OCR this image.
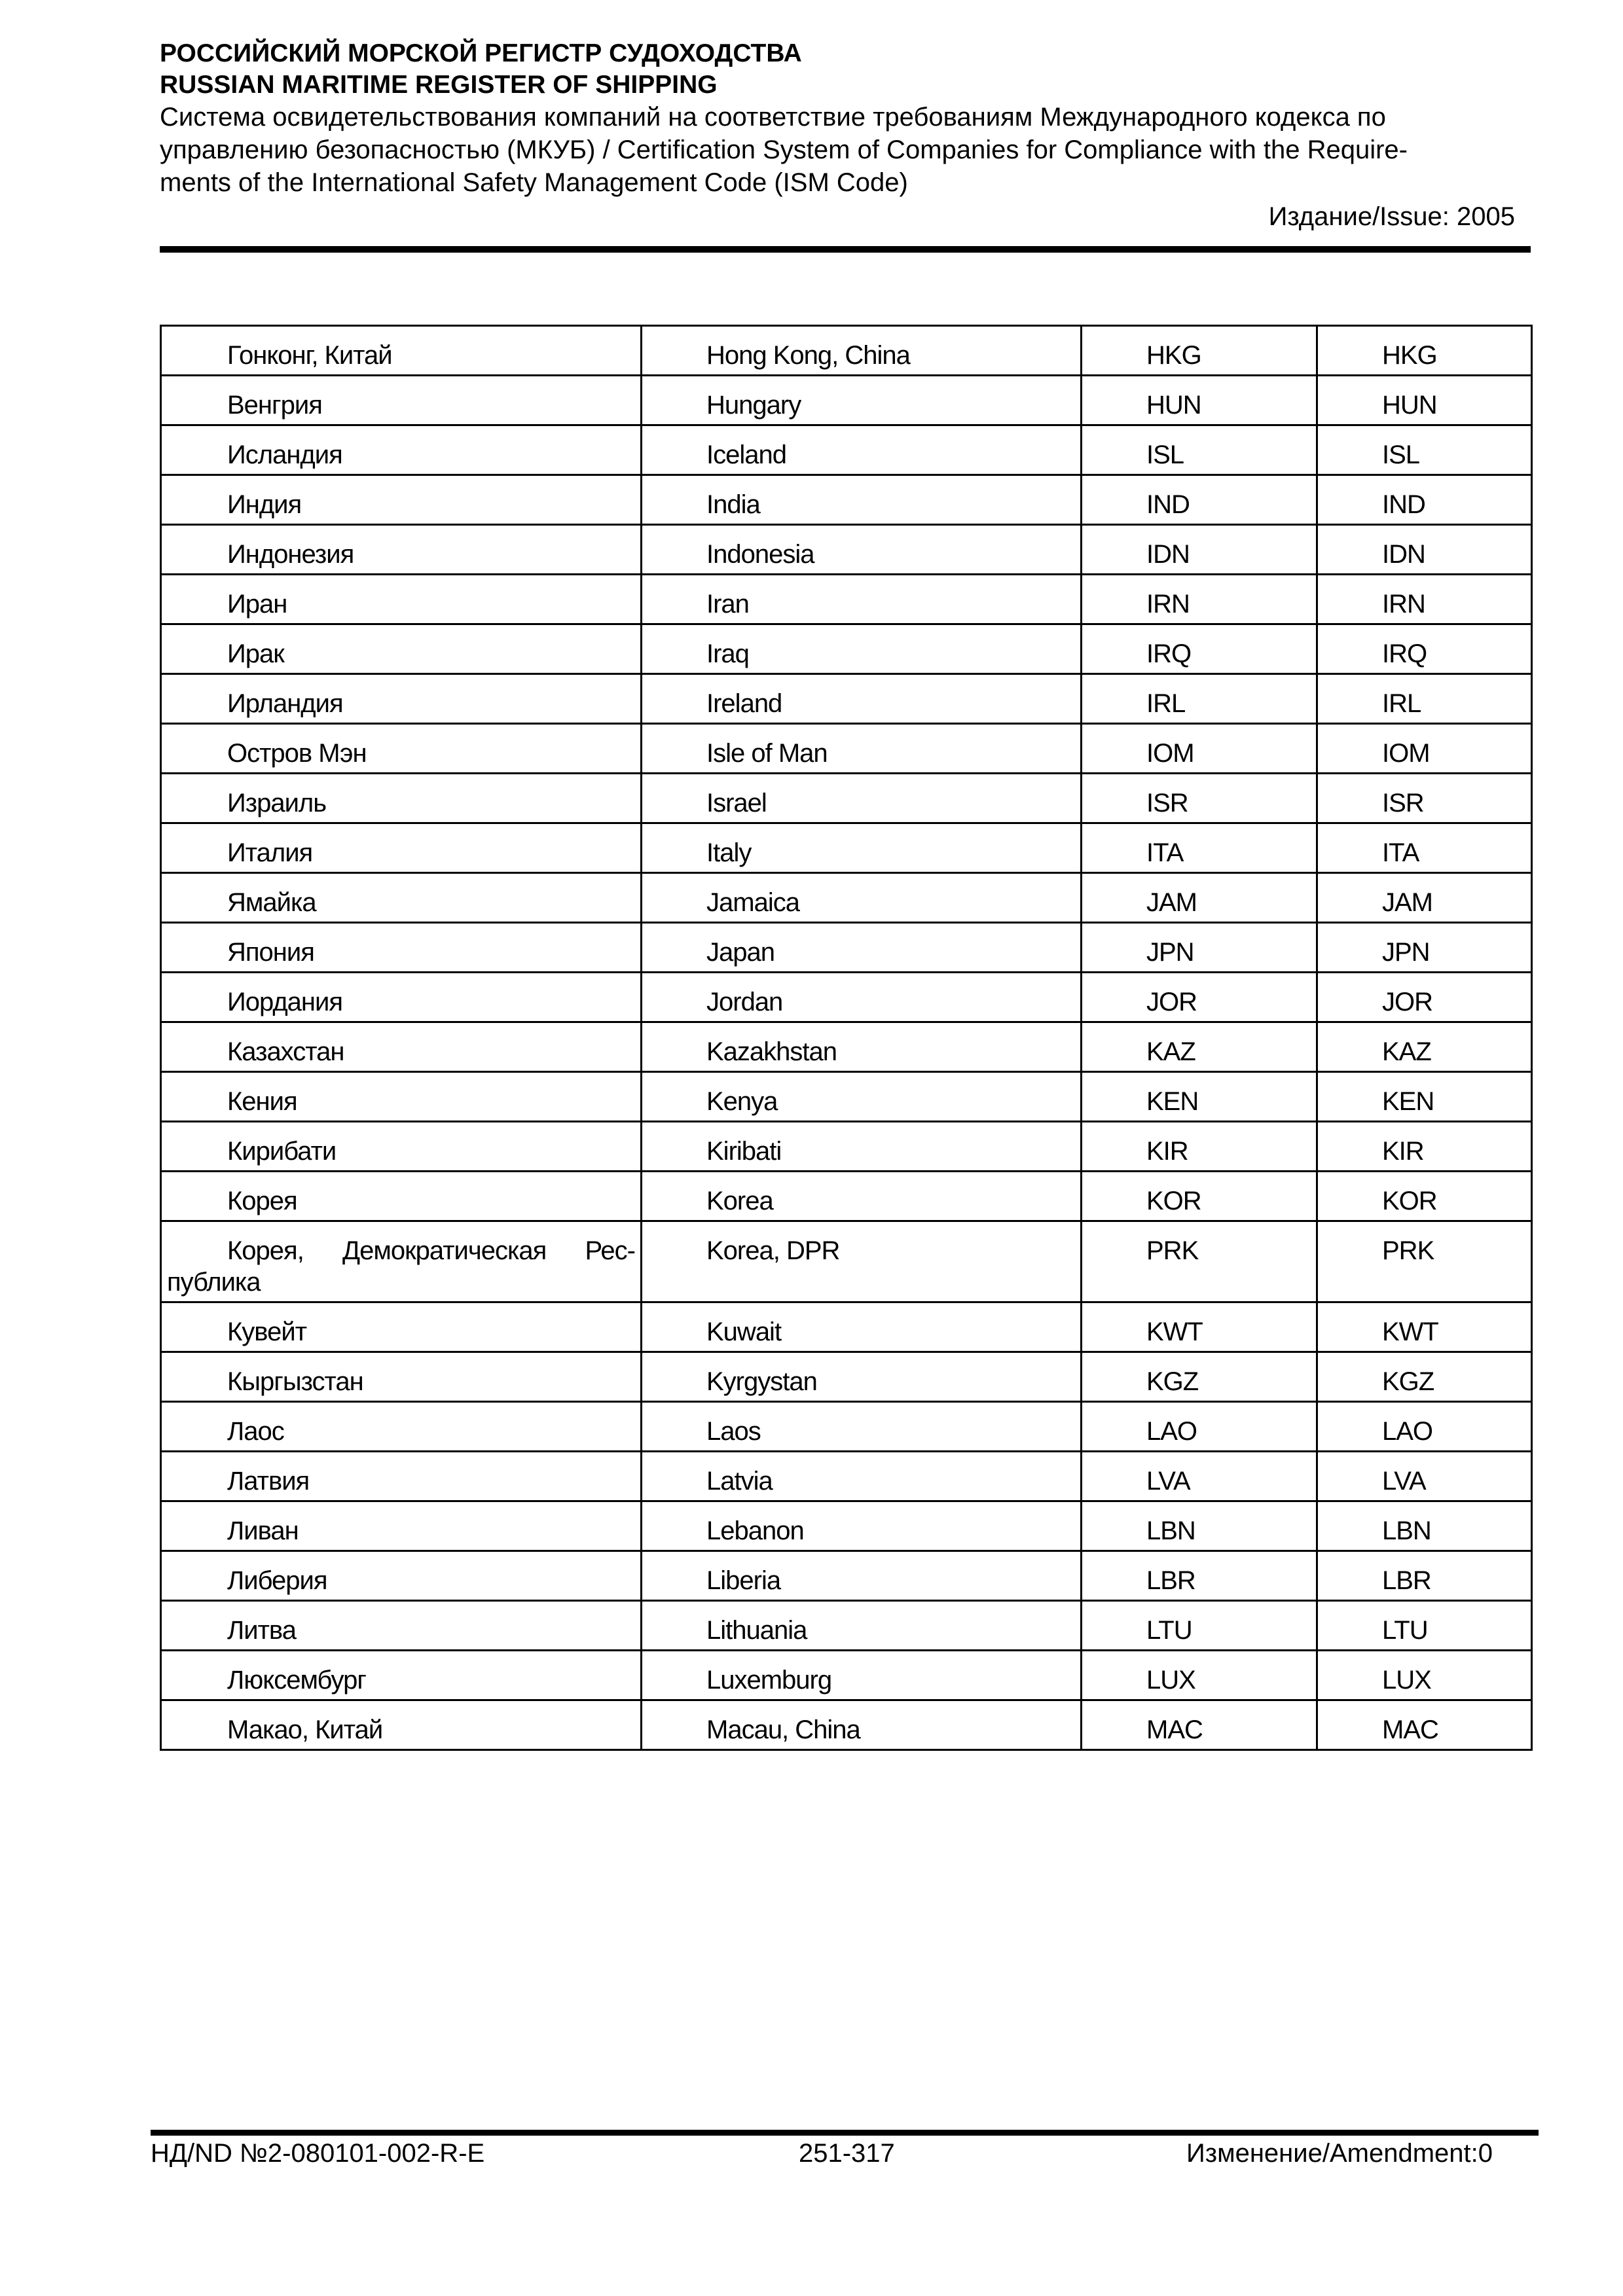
РОССИЙСКИЙ МОРСКОЙ РЕГИСТР СУДОХОДСТВА
RUSSIAN MARITIME REGISTER OF SHIPPING
Система освидетельствования компаний на соответствие требованиям Международного кодекса по
управлению безопасностью (МКУБ) / Certification System of Companies for Compliance with the Require-
ments of the International Safety Management Code (ISM Code)
Издание/Issue: 2005
Гонконг, Китай	Hong Kong, China	HKG	HKG
Венгрия	Hungary	HUN	HUN
Исландия	Iceland	ISL	ISL
Индия	India	IND	IND
Индонезия	Indonesia	IDN	IDN
Иран	Iran	IRN	IRN
Ирак	Iraq	IRQ	IRQ
Ирландия	Ireland	IRL	IRL
Остров Мэн	Isle of Man	IOM	IOM
Израиль	Israel	ISR	ISR
Италия	Italy	ITA	ITA
Ямайка	Jamaica	JAM	JAM
Япония	Japan	JPN	JPN
Иордания	Jordan	JOR	JOR
Казахстан	Kazakhstan	KAZ	KAZ
Кения	Kenya	KEN	KEN
Кирибати	Kiribati	KIR	KIR
Корея	Korea	KOR	KOR
Корея, Демократическая Рес-публика	Korea, DPR	PRK	PRK
Кувейт	Kuwait	KWT	KWT
Кыргызстан	Kyrgystan	KGZ	KGZ
Лаос	Laos	LAO	LAO
Латвия	Latvia	LVA	LVA
Ливан	Lebanon	LBN	LBN
Либерия	Liberia	LBR	LBR
Литва	Lithuania	LTU	LTU
Люксембург	Luxemburg	LUX	LUX
Макао, Китай	Macau, China	MAC	MAC
НД/ND №2-080101-002-R-E	251-317	Изменение/Amendment:0
